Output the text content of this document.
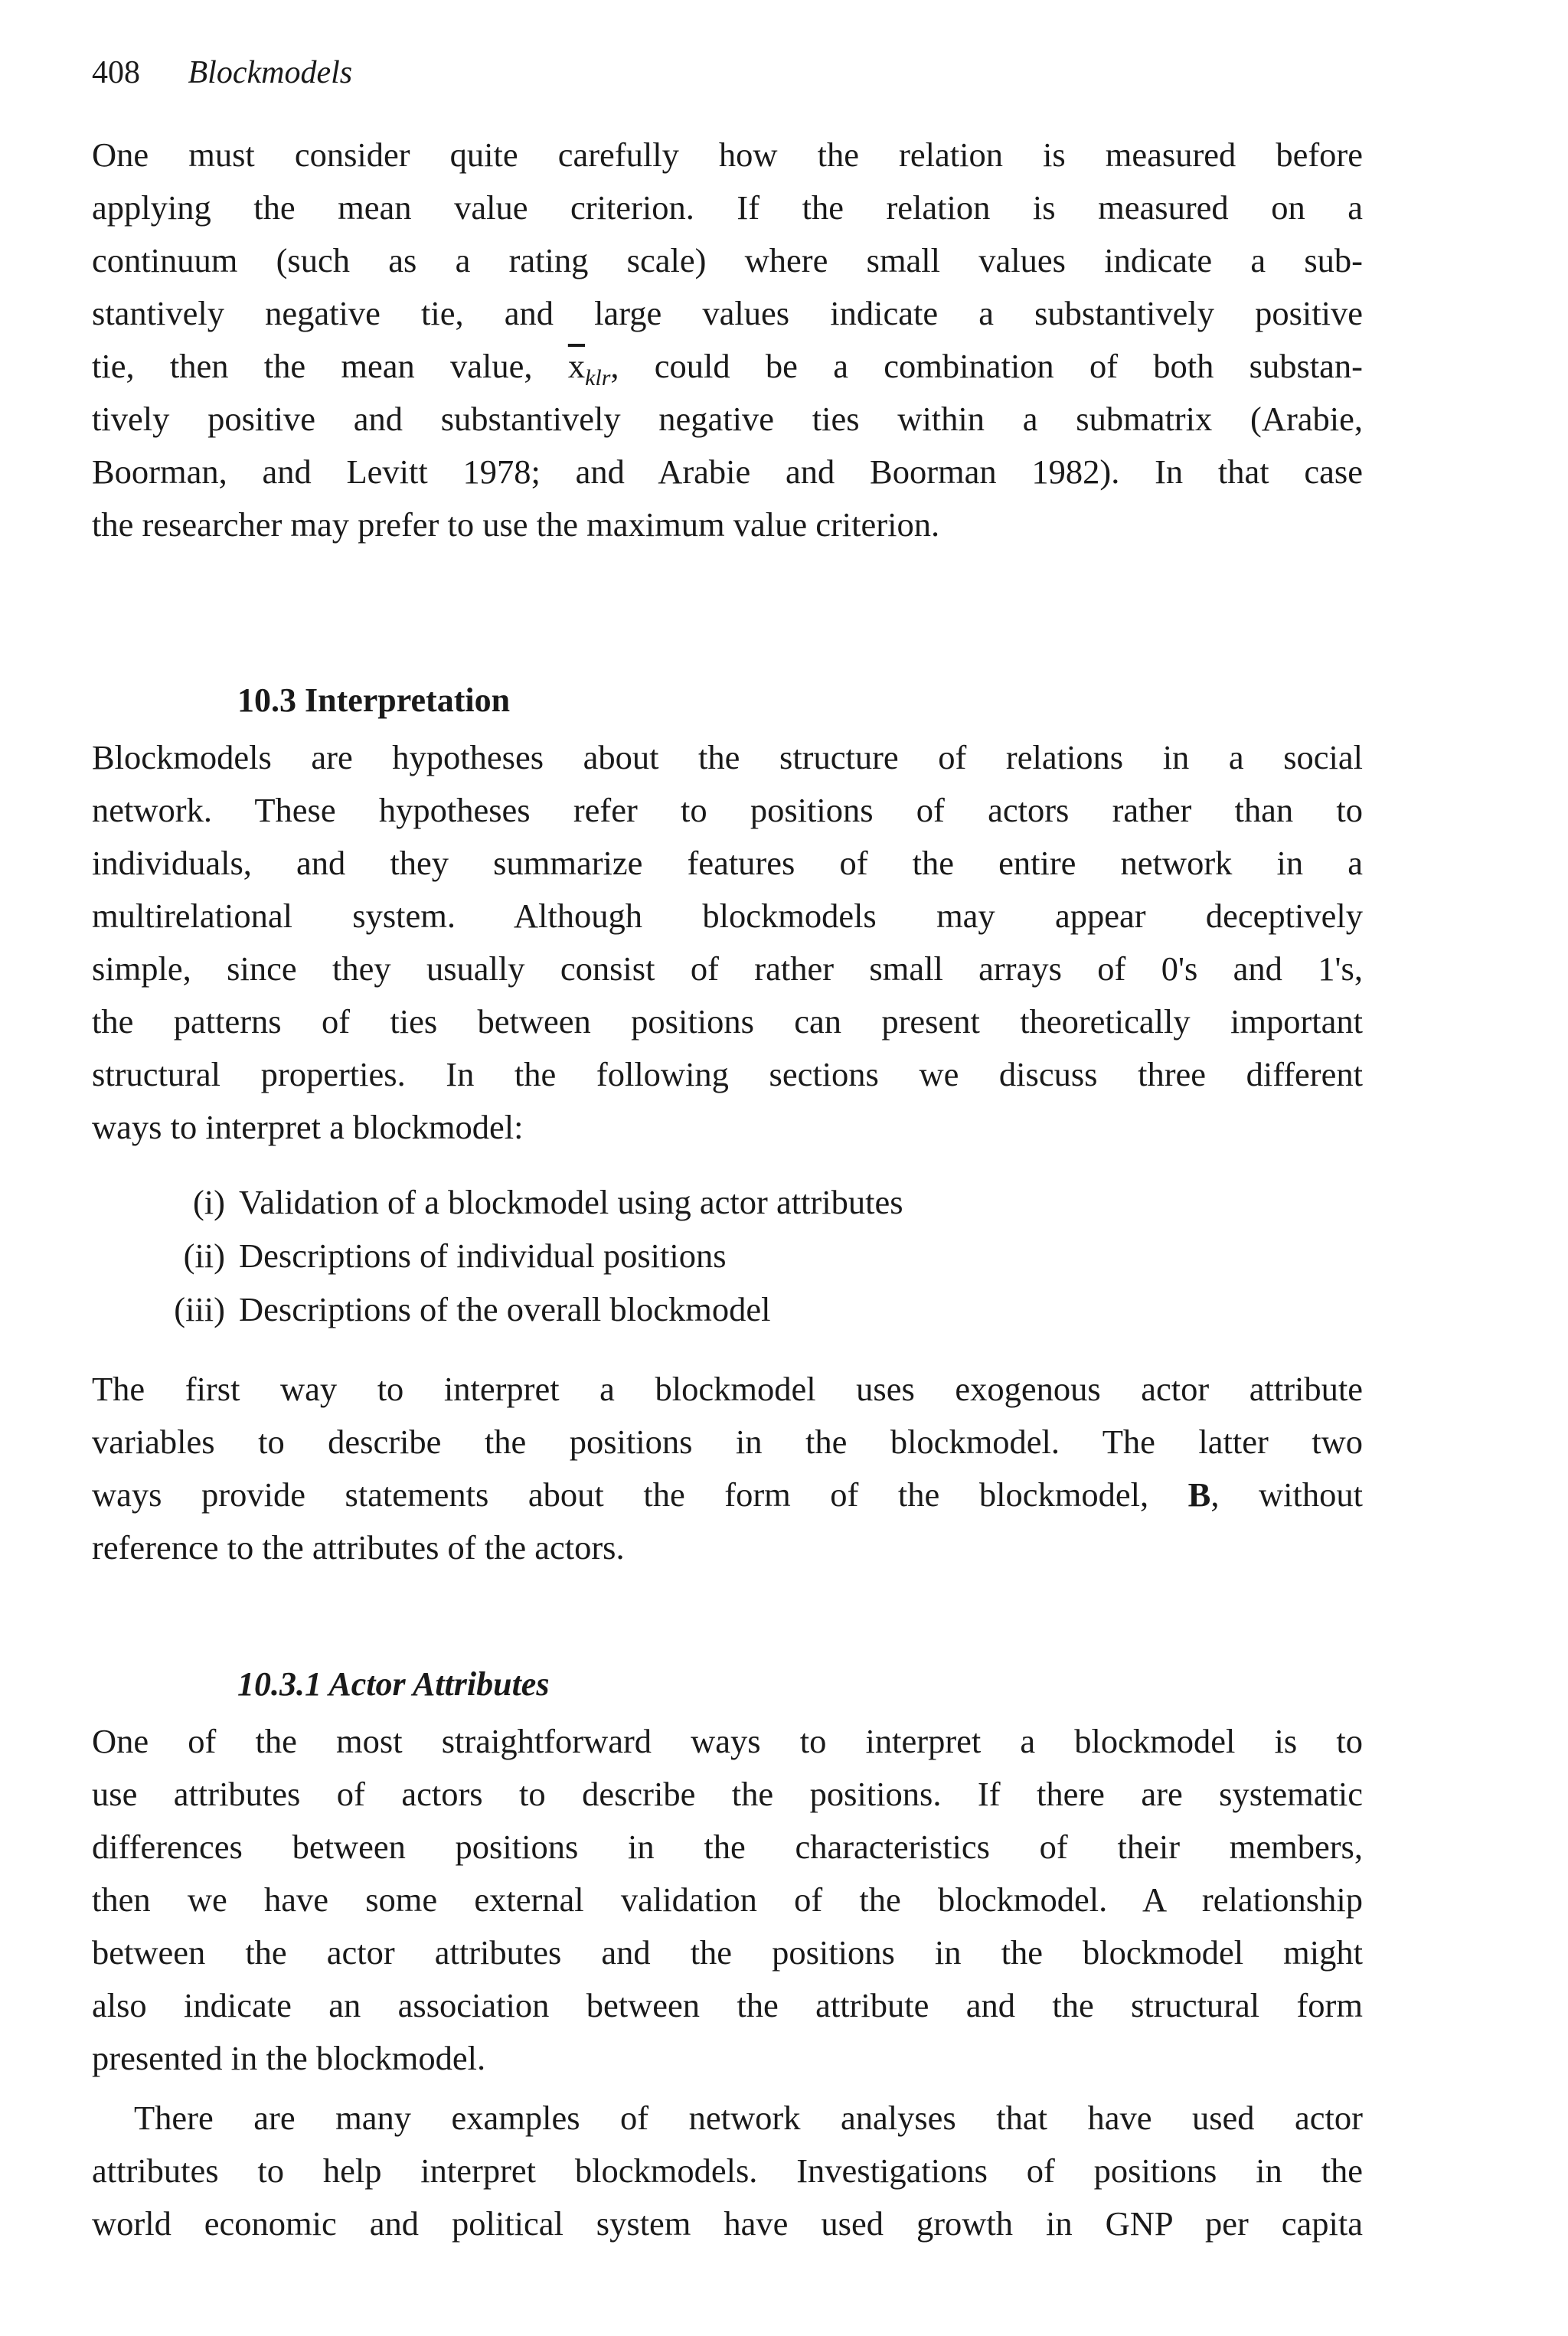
408 Blockmodels
One must consider quite carefully how the relation is measured before
applying the mean value criterion. If the relation is measured on a
continuum (such as a rating scale) where small values indicate a sub-
stantively negative tie, and large values indicate a substantively positive
tie, then the mean value, $\overline{x}_{klr}$, could be a combination of both substan-
tively positive and substantively negative ties within a submatrix (Arabie,
Boorman, and Levitt 1978; and Arabie and Boorman 1982). In that case
the researcher may prefer to use the maximum value criterion.
10.3 Interpretation
Blockmodels are hypotheses about the structure of relations in a social
network. These hypotheses refer to positions of actors rather than to
individuals, and they summarize features of the entire network in a
multirelational system. Although blockmodels may appear deceptively
simple, since they usually consist of rather small arrays of 0's and 1's,
the patterns of ties between positions can present theoretically important
structural properties. In the following sections we discuss three different
ways to interpret a blockmodel:
(i) Validation of a blockmodel using actor attributes
(ii) Descriptions of individual positions
(iii) Descriptions of the overall blockmodel
The first way to interpret a blockmodel uses exogenous actor attribute
variables to describe the positions in the blockmodel. The latter two
ways provide statements about the form of the blockmodel, B, without
reference to the attributes of the actors.
10.3.1 Actor Attributes
One of the most straightforward ways to interpret a blockmodel is to
use attributes of actors to describe the positions. If there are systematic
differences between positions in the characteristics of their members,
then we have some external validation of the blockmodel. A relationship
between the actor attributes and the positions in the blockmodel might
also indicate an association between the attribute and the structural form
presented in the blockmodel.
There are many examples of network analyses that have used actor
attributes to help interpret blockmodels. Investigations of positions in the
world economic and political system have used growth in GNP per capita
